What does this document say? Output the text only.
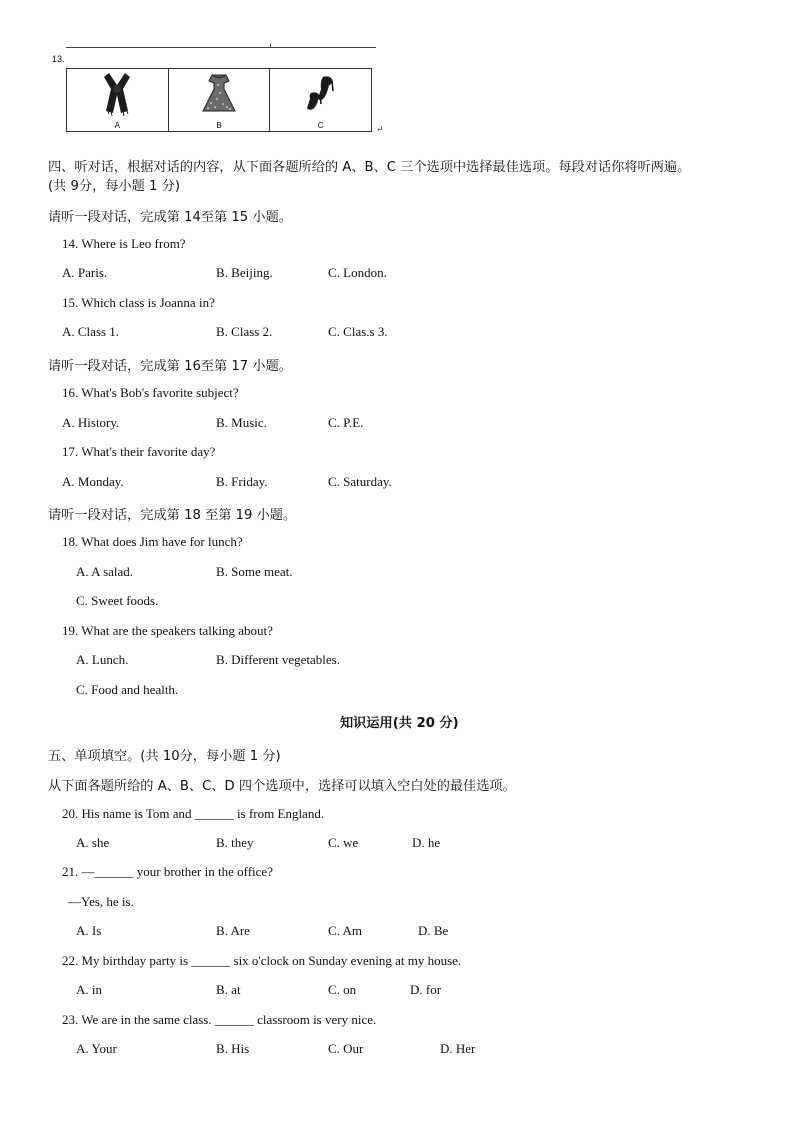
13.
A	B	C	↵
四、听对话，根据对话的内容，从下面各题所给的 A、B、C 三个选项中选择最佳选项。每段对话你将听两遍。
(共 9分，每小题 1 分)
请听一段对话，完成第 14至第 15 小题。
14. Where is Leo from?
A. Paris.	B. Beijing.	C. London.
15. Which class is Joanna in?
A. Class 1.	B. Class 2.	C. Clas.s 3.
请听一段对话，完成第 16至第 17 小题。
16. What's Bob's favorite subject?
A. History.	B. Music.	C. P.E.
17. What's their favorite day?
A. Monday.	B. Friday.	C. Saturday.
请听一段对话，完成第 18 至第 19 小题。
18. What does Jim have for lunch?
A. A salad.	B. Some meat.
C. Sweet foods.
19. What are the speakers talking about?
A. Lunch.	B. Different vegetables.
C. Food and health.
知识运用(共 20 分)
五、单项填空。(共 10分，每小题 1 分)
从下面各题所给的 A、B、C、D 四个选项中，选择可以填入空白处的最佳选项。
20. His name is Tom and ______ is from England.
A. she	B. they	C. we	D. he
21. —______ your brother in the office?
—Yes, he is.
A. Is	B. Are	C. Am	D. Be
22. My birthday party is ______ six o'clock on Sunday evening at my house.
A. in	B. at	C. on	D. for
23. We are in the same class. ______ classroom is very nice.
A. Your	B. His	C. Our	D. Her
